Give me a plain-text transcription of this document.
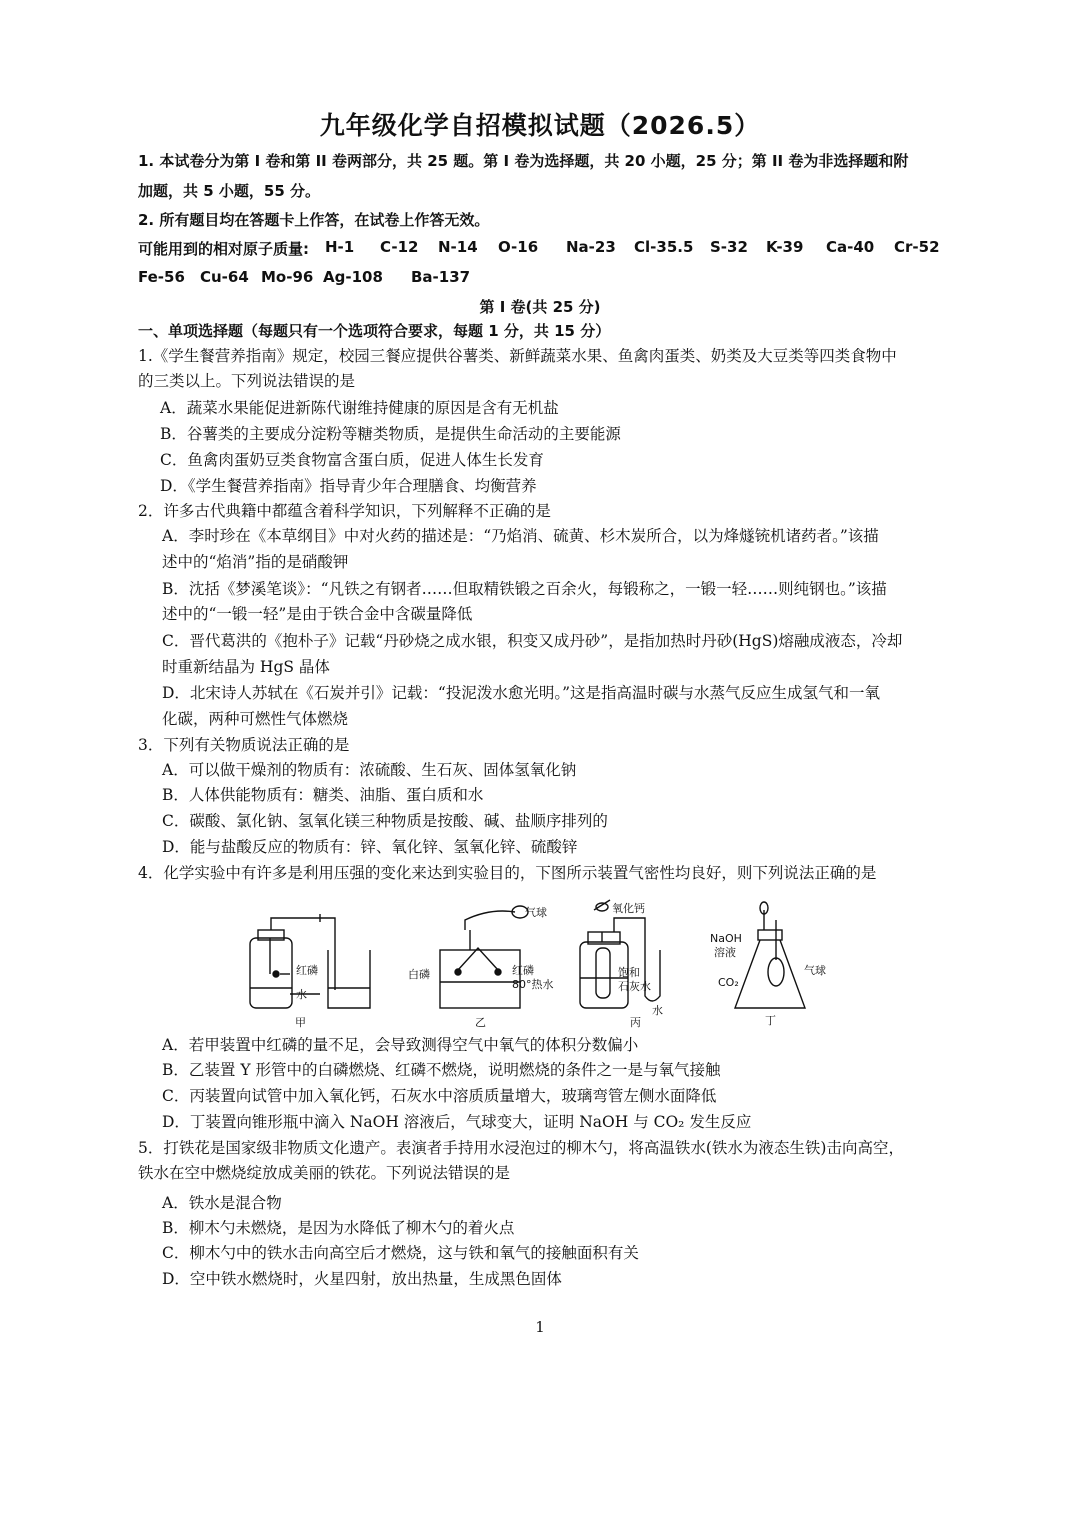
九年级化学自招模拟试题（2026.5）
1. 本试卷分为第 I 卷和第 II 卷两部分，共 25 题。第 I 卷为选择题，共 20 小题，25 分；第 II 卷为非选择题和附
加题，共 5 小题，55 分。
2. 所有题目均在答题卡上作答，在试卷上作答无效。
可能用到的相对原子质量: H-1 C-12 N-14 O-16 Na-23 Cl-35.5 S-32 K-39 Ca-40 Cr-52
Fe-56 Cu-64 Mo-96 Ag-108 Ba-137
第 I 卷(共 25 分)
一、单项选择题（每题只有一个选项符合要求，每题 1 分，共 15 分）
1.《学生餐营养指南》规定，校园三餐应提供谷薯类、新鲜蔬菜水果、鱼禽肉蛋类、奶类及大豆类等四类食物中
的三类以上。下列说法错误的是
A．蔬菜水果能促进新陈代谢维持健康的原因是含有无机盐
B．谷薯类的主要成分淀粉等糖类物质，是提供生命活动的主要能源
C．鱼禽肉蛋奶豆类食物富含蛋白质，促进人体生长发育
D．《学生餐营养指南》指导青少年合理膳食、均衡营养
2．许多古代典籍中都蕴含着科学知识，下列解释不正确的是
A．李时珍在《本草纲目》中对火药的描述是：“乃焰消、硫黄、杉木炭所合，以为烽燧铳机诸药者。”该描
述中的“焰消”指的是硝酸钾
B．沈括《梦溪笔谈》：“凡铁之有钢者……但取精铁锻之百余火，每锻称之，一锻一轻……则纯钢也。”该描
述中的“一锻一轻”是由于铁合金中含碳量降低
C．晋代葛洪的《抱朴子》记载“丹砂烧之成水银，积变又成丹砂”，是指加热时丹砂(HgS)熔融成液态，冷却
时重新结晶为 HgS 晶体
D．北宋诗人苏轼在《石炭并引》记载：“投泥泼水愈光明。”这是指高温时碳与水蒸气反应生成氢气和一氧
化碳，两种可燃性气体燃烧
3．下列有关物质说法正确的是
A．可以做干燥剂的物质有：浓硫酸、生石灰、固体氢氧化钠
B．人体供能物质有：糖类、油脂、蛋白质和水
C．碳酸、氯化钠、氢氧化镁三种物质是按酸、碱、盐顺序排列的
D．能与盐酸反应的物质有：锌、氧化锌、氢氧化锌、硫酸锌
4．化学实验中有许多是利用压强的变化来达到实验目的，下图所示装置气密性均良好，则下列说法正确的是
红磷
水
甲
气球
白磷	红磷
80°热水
乙
氧化钙
饱和
石灰水
水
丙
NaOH
溶液
CO₂
气球
丁
A．若甲装置中红磷的量不足，会导致测得空气中氧气的体积分数偏小
B．乙装置 Y 形管中的白磷燃烧、红磷不燃烧，说明燃烧的条件之一是与氧气接触
C．丙装置向试管中加入氧化钙，石灰水中溶质质量增大，玻璃弯管左侧水面降低
D．丁装置向锥形瓶中滴入 NaOH 溶液后，气球变大，证明 NaOH 与 CO₂ 发生反应
5．打铁花是国家级非物质文化遗产。表演者手持用水浸泡过的柳木勺，将高温铁水(铁水为液态生铁)击向高空，
铁水在空中燃烧绽放成美丽的铁花。下列说法错误的是
A．铁水是混合物
B．柳木勺未燃烧，是因为水降低了柳木勺的着火点
C．柳木勺中的铁水击向高空后才燃烧，这与铁和氧气的接触面积有关
D．空中铁水燃烧时，火星四射，放出热量，生成黑色固体
1
